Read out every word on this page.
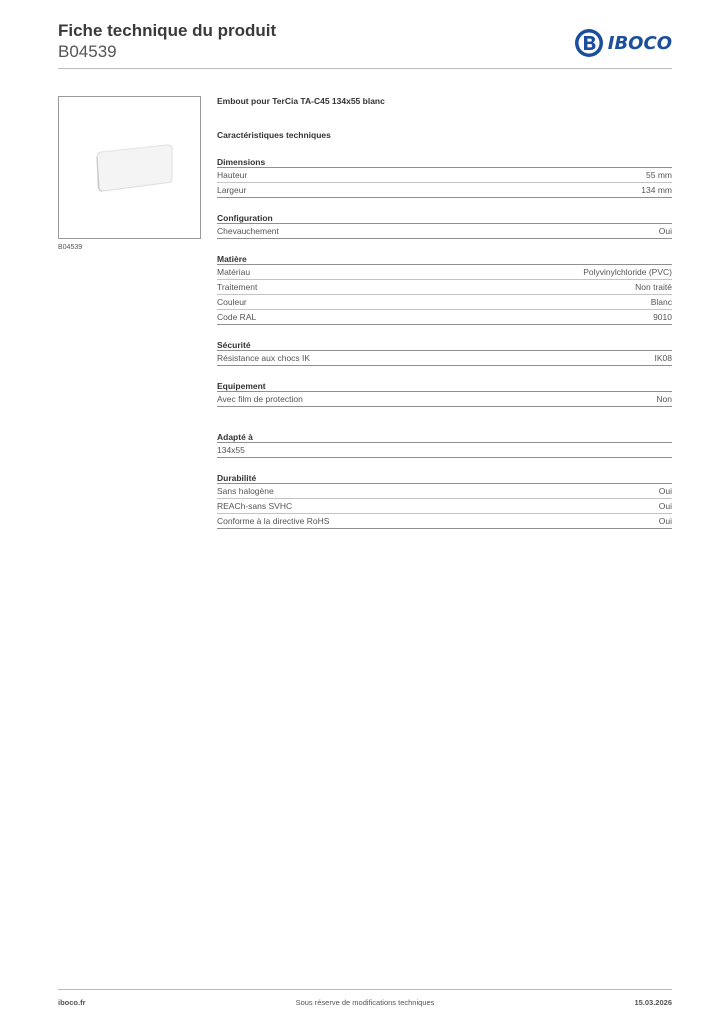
Fiche technique du produit
B04539	IBOCO
B04539
Embout pour TerCia TA-C45 134x55 blanc
Caractéristiques techniques
Dimensions
Hauteur	55 mm
Largeur	134 mm
Configuration
Chevauchement	Oui
Matière
Matériau	Polyvinylchloride (PVC)
Traitement	Non traité
Couleur	Blanc
Code RAL	9010
Sécurité
Résistance aux chocs IK	IK08
Equipement
Avec film de protection	Non
Adapté à
134x55
Durabilité
Sans halogène	Oui
REACh-sans SVHC	Oui
Conforme à la directive RoHS	Oui
iboco.fr	Sous réserve de modifications techniques	15.03.2026
